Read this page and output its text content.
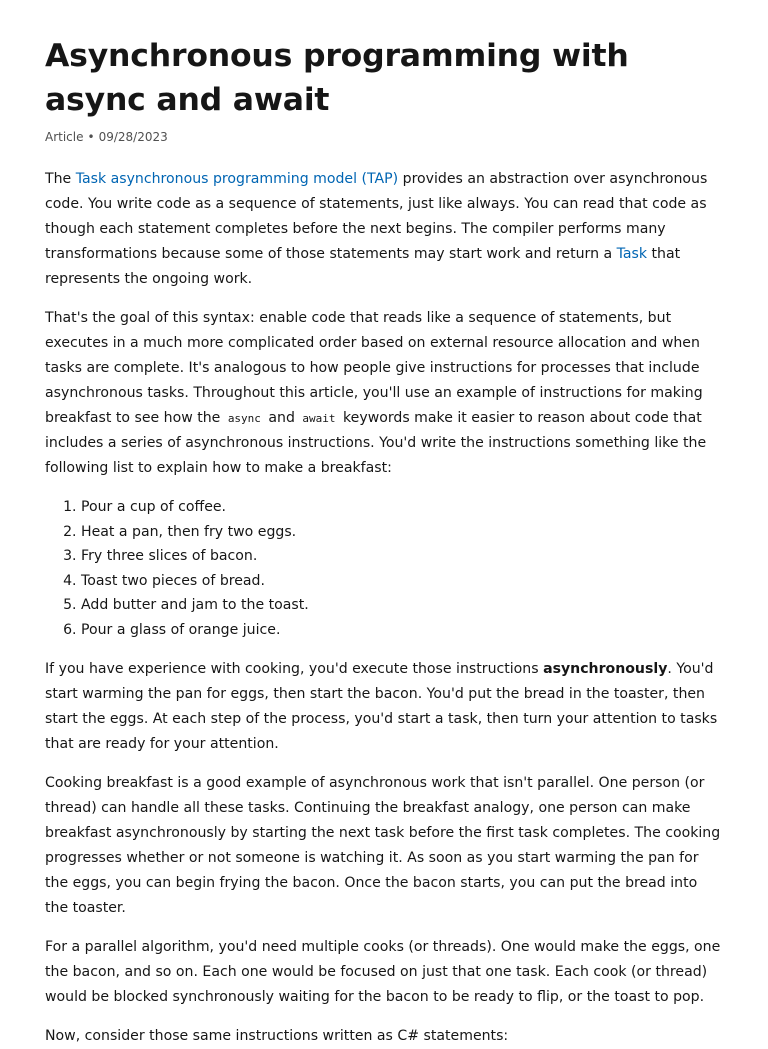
Asynchronous programming with async and await
Article • 09/28/2023

The Task asynchronous programming model (TAP) provides an abstraction over asynchronous code. You write code as a sequence of statements, just like always. You can read that code as though each statement completes before the next begins. The compiler performs many transformations because some of those statements may start work and return a Task that represents the ongoing work.

That's the goal of this syntax: enable code that reads like a sequence of statements, but executes in a much more complicated order based on external resource allocation and when tasks are complete. It's analogous to how people give instructions for processes that include asynchronous tasks. Throughout this article, you'll use an example of instructions for making breakfast to see how the async and await keywords make it easier to reason about code that includes a series of asynchronous instructions. You'd write the instructions something like the following list to explain how to make a breakfast:

1. Pour a cup of coffee.
2. Heat a pan, then fry two eggs.
3. Fry three slices of bacon.
4. Toast two pieces of bread.
5. Add butter and jam to the toast.
6. Pour a glass of orange juice.

If you have experience with cooking, you'd execute those instructions asynchronously. You'd start warming the pan for eggs, then start the bacon. You'd put the bread in the toaster, then start the eggs. At each step of the process, you'd start a task, then turn your attention to tasks that are ready for your attention.

Cooking breakfast is a good example of asynchronous work that isn't parallel. One person (or thread) can handle all these tasks. Continuing the breakfast analogy, one person can make breakfast asynchronously by starting the next task before the first task completes. The cooking progresses whether or not someone is watching it. As soon as you start warming the pan for the eggs, you can begin frying the bacon. Once the bacon starts, you can put the bread into the toaster.

For a parallel algorithm, you'd need multiple cooks (or threads). One would make the eggs, one the bacon, and so on. Each one would be focused on just that one task. Each cook (or thread) would be blocked synchronously waiting for the bacon to be ready to flip, or the toast to pop.

Now, consider those same instructions written as C# statements:
